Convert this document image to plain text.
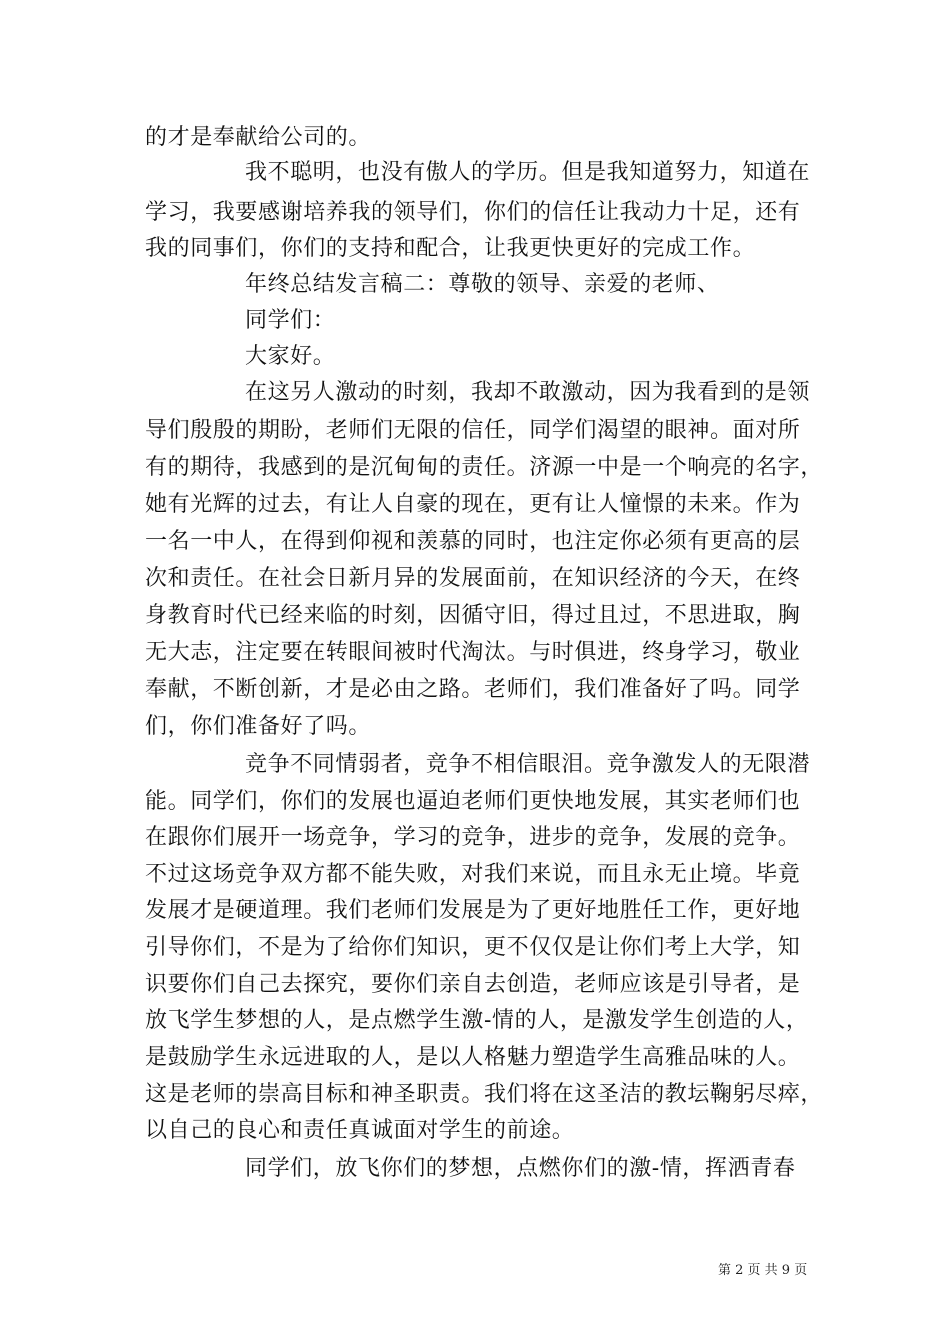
的才是奉献给公司的。
我不聪明，也没有傲人的学历。但是我知道努力，知道在
学习，我要感谢培养我的领导们，你们的信任让我动力十足，还有
我的同事们，你们的支持和配合，让我更快更好的完成工作。
年终总结发言稿二：尊敬的领导、亲爱的老师、
同学们：
大家好。
在这另人激动的时刻，我却不敢激动，因为我看到的是领
导们殷殷的期盼，老师们无限的信任，同学们渴望的眼神。面对所
有的期待，我感到的是沉甸甸的责任。济源一中是一个响亮的名字，
她有光辉的过去，有让人自豪的现在，更有让人憧憬的未来。作为
一名一中人，在得到仰视和羡慕的同时，也注定你必须有更高的层
次和责任。在社会日新月异的发展面前，在知识经济的今天，在终
身教育时代已经来临的时刻，因循守旧，得过且过，不思进取，胸
无大志，注定要在转眼间被时代淘汰。与时俱进，终身学习，敬业
奉献，不断创新，才是必由之路。老师们，我们准备好了吗。同学
们，你们准备好了吗。
竞争不同情弱者，竞争不相信眼泪。竞争激发人的无限潜
能。同学们，你们的发展也逼迫老师们更快地发展，其实老师们也
在跟你们展开一场竞争，学习的竞争，进步的竞争，发展的竞争。
不过这场竞争双方都不能失败，对我们来说，而且永无止境。毕竟
发展才是硬道理。我们老师们发展是为了更好地胜任工作，更好地
引导你们，不是为了给你们知识，更不仅仅是让你们考上大学，知
识要你们自己去探究，要你们亲自去创造，老师应该是引导者，是
放飞学生梦想的人，是点燃学生激-情的人，是激发学生创造的人，
是鼓励学生永远进取的人，是以人格魅力塑造学生高雅品味的人。
这是老师的崇高目标和神圣职责。我们将在这圣洁的教坛鞠躬尽瘁，
以自己的良心和责任真诚面对学生的前途。
同学们，放飞你们的梦想，点燃你们的激-情，挥洒青春
第 2 页 共 9 页
